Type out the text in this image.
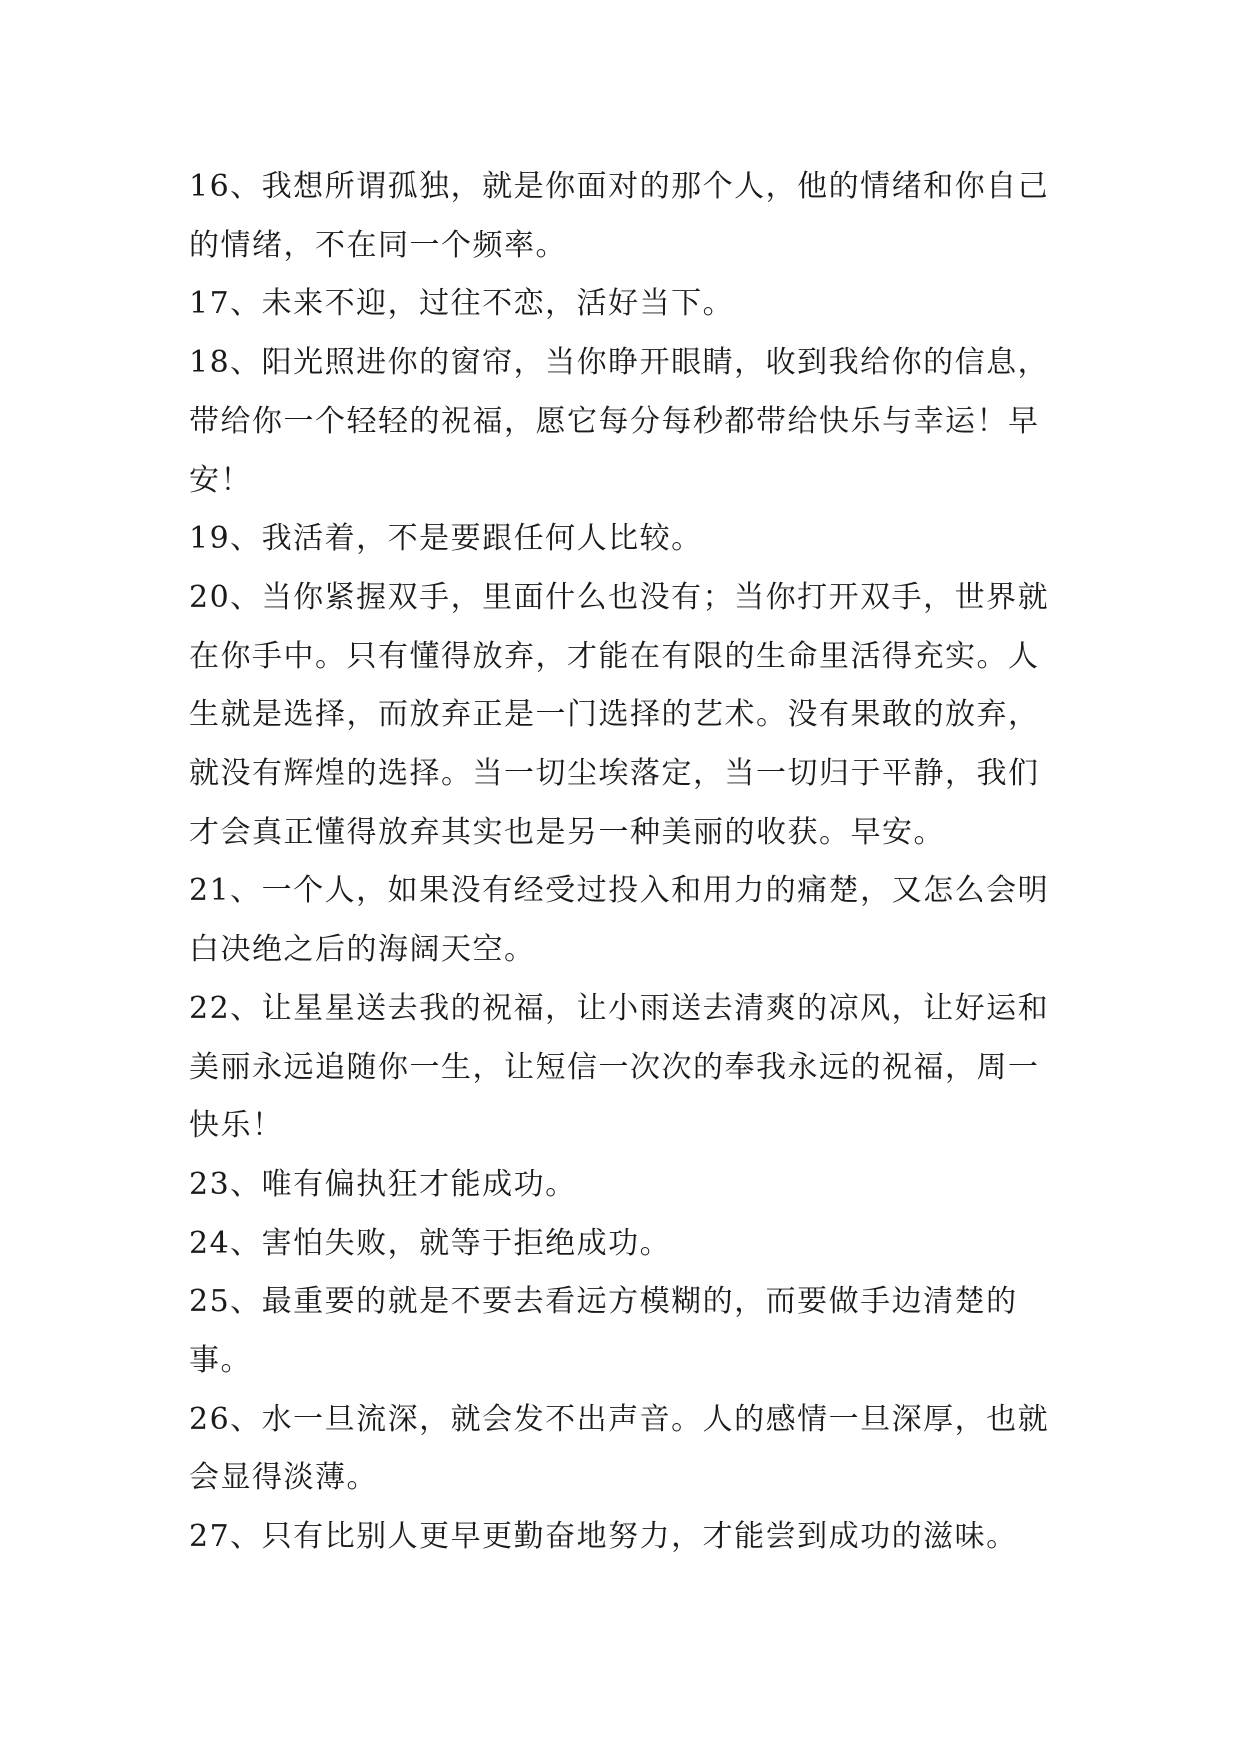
16、我想所谓孤独，就是你面对的那个人，他的情绪和你自己的情绪，不在同一个频率。

17、未来不迎，过往不恋，活好当下。

18、阳光照进你的窗帘，当你睁开眼睛，收到我给你的信息，带给你一个轻轻的祝福，愿它每分每秒都带给快乐与幸运！早安！

19、我活着，不是要跟任何人比较。

20、当你紧握双手，里面什么也没有；当你打开双手，世界就在你手中。只有懂得放弃，才能在有限的生命里活得充实。人生就是选择，而放弃正是一门选择的艺术。没有果敢的放弃，就没有辉煌的选择。当一切尘埃落定，当一切归于平静，我们才会真正懂得放弃其实也是另一种美丽的收获。早安。

21、一个人，如果没有经受过投入和用力的痛楚，又怎么会明白决绝之后的海阔天空。

22、让星星送去我的祝福，让小雨送去清爽的凉风，让好运和美丽永远追随你一生，让短信一次次的奉我永远的祝福，周一快乐！

23、唯有偏执狂才能成功。

24、害怕失败，就等于拒绝成功。

25、最重要的就是不要去看远方模糊的，而要做手边清楚的事。

26、水一旦流深，就会发不出声音。人的感情一旦深厚，也就会显得淡薄。

27、只有比别人更早更勤奋地努力，才能尝到成功的滋味。
